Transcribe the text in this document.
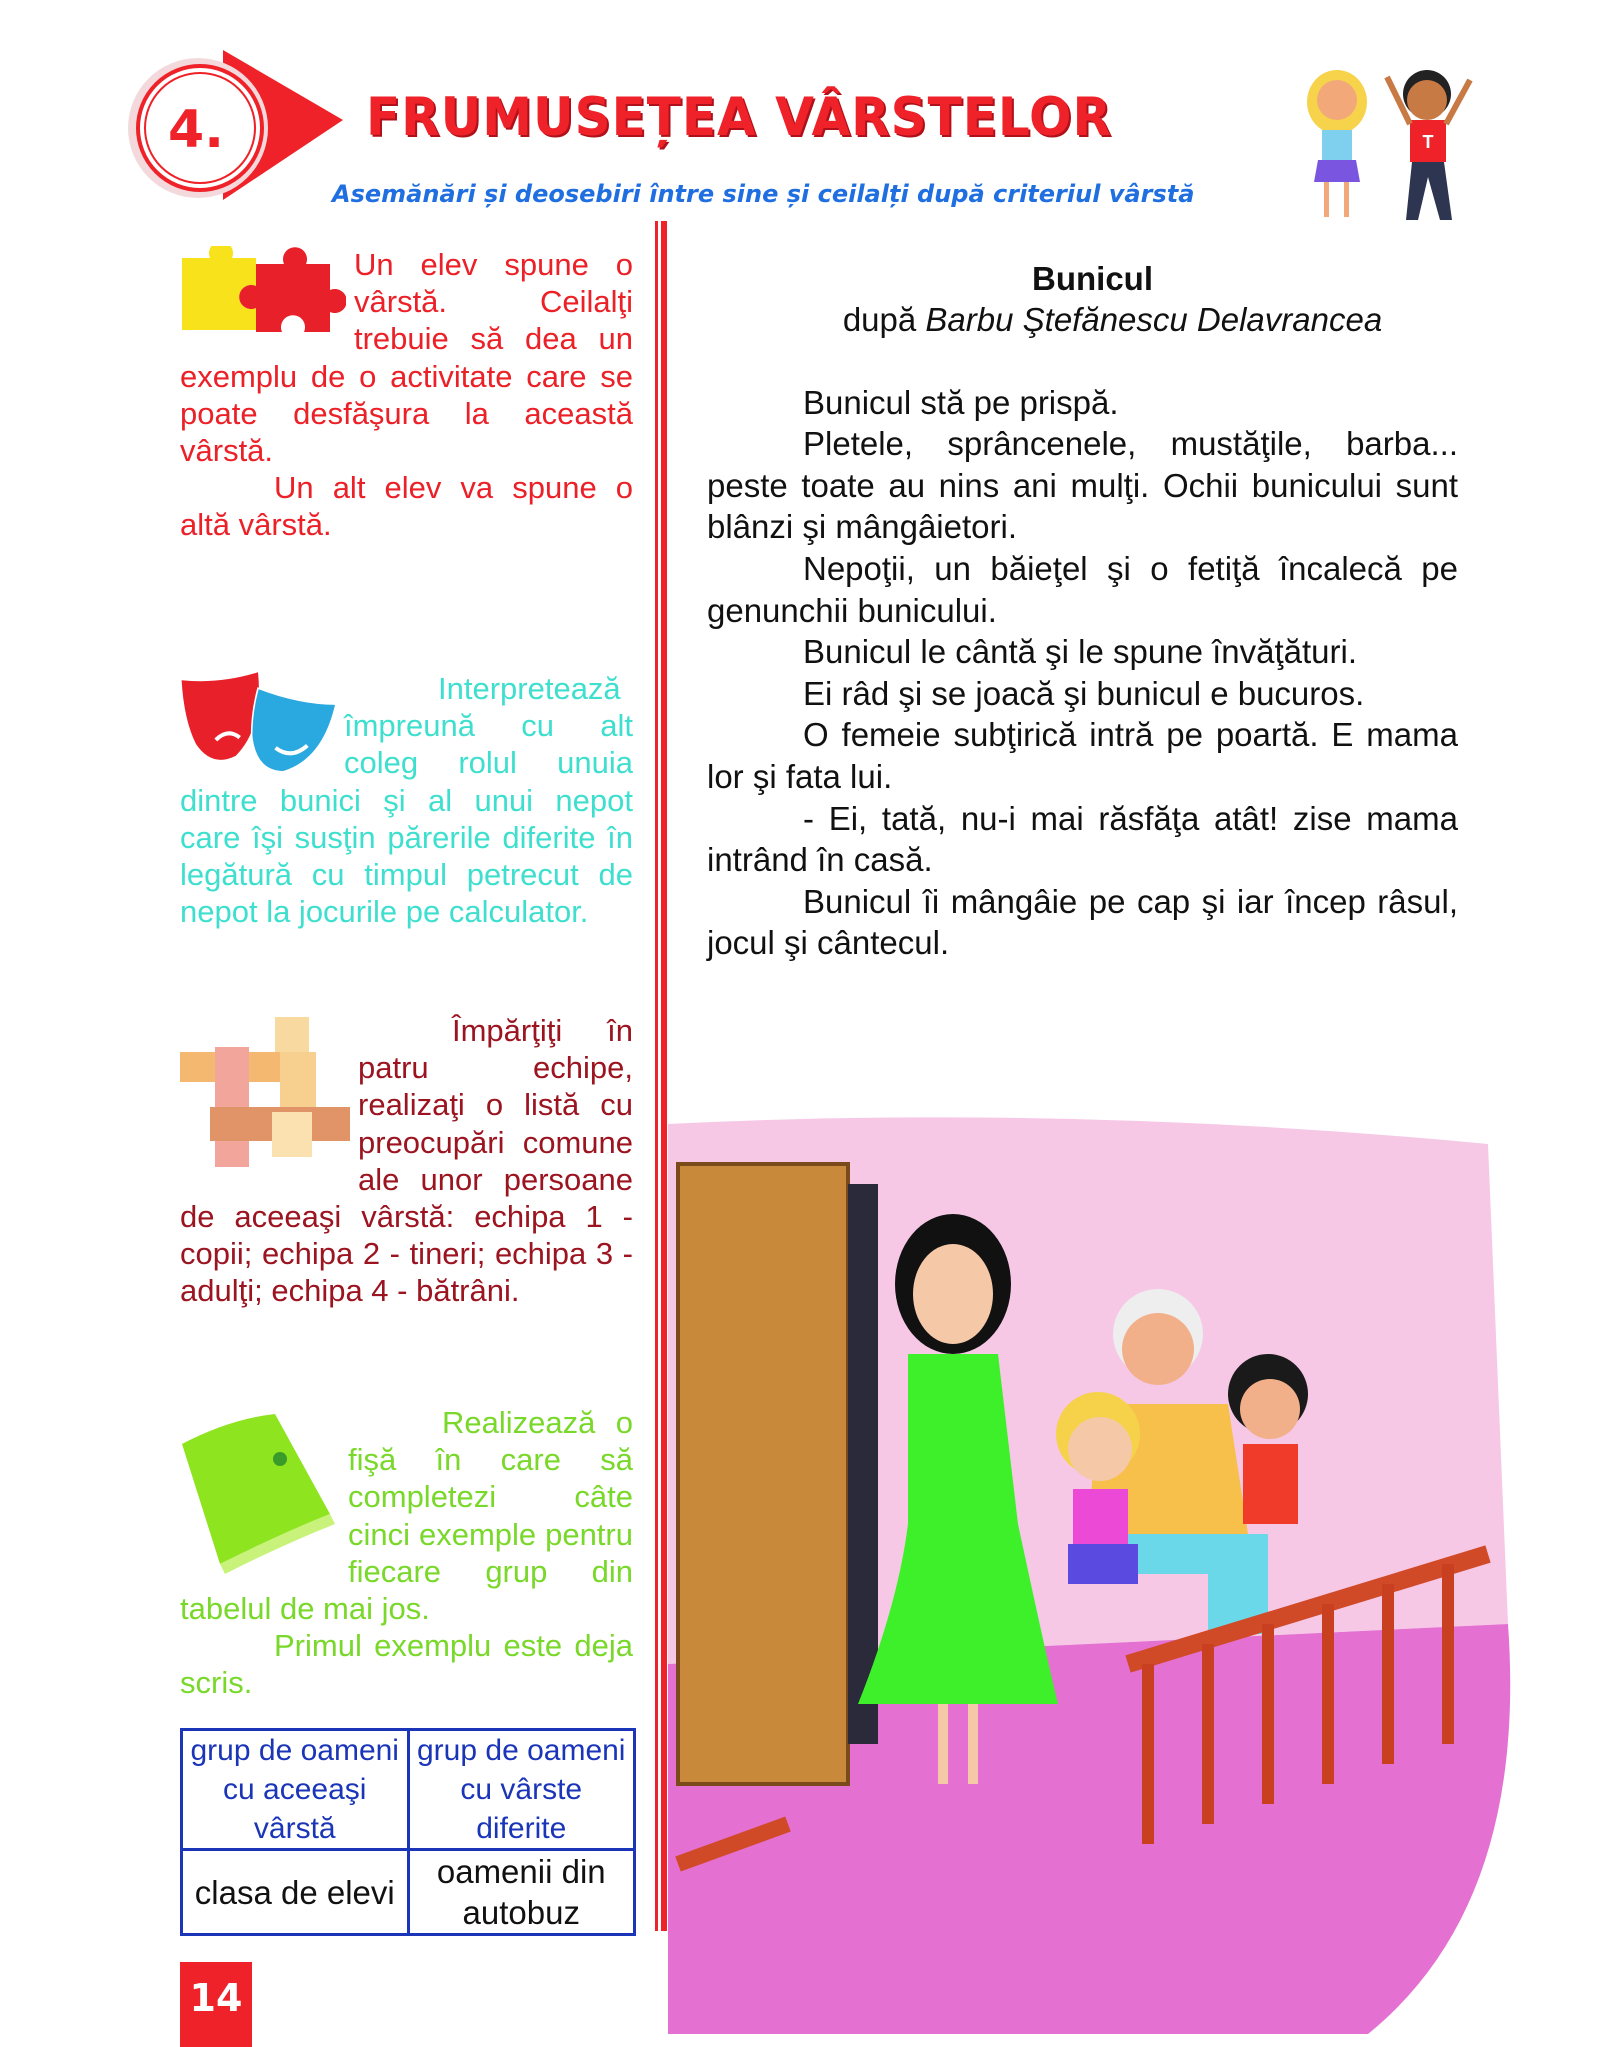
4.	FRUMUSEȚEA VÂRSTELOR
Asemănări și deosebiri între sine și ceilalți după criteriul vârstă
T

Un elev spune o vârstă. Ceilalţi trebuie să dea un exemplu de o activitate care se poate desfăşura la această vârstă.

Un alt elev va spune o altă vârstă.

Interpretează împreună cu alt coleg rolul unuia dintre bunici şi al unui nepot care îşi susţin părerile diferite în legătură cu timpul petrecut de nepot la jocurile pe calculator.

Împărţiţi în patru echipe, realizaţi o listă cu preocupări comune ale unor persoane de aceeaşi vârstă: echipa 1 - copii; echipa 2 - tineri; echipa 3 - adulţi; echipa 4 - bătrâni.

Realizează o fişă în care să completezi câte cinci exemple pentru fiecare grup din tabelul de mai jos.

Primul exemplu este deja scris.

grup de oameni cu aceeaşi vârstă	grup de oameni cu vârste diferite
clasa de elevi	oamenii din autobuz
Bunicul
după Barbu Ştefănescu Delavrancea

Bunicul stă pe prispă.

Pletele, sprâncenele, mustăţile, barba... peste toate au nins ani mulţi. Ochii bunicului sunt blânzi şi mângâietori.

Nepoţii, un băieţel şi o fetiţă încalecă pe genunchii bunicului.

Bunicul le cântă şi le spune învăţături.

Ei râd şi se joacă şi bunicul e bucuros.

O femeie subţirică intră pe poartă. E mama lor şi fata lui.

- Ei, tată, nu-i mai răsfăţa atât! zise mama intrând în casă.

Bunicul îi mângâie pe cap şi iar încep râsul, jocul şi cântecul.

14
